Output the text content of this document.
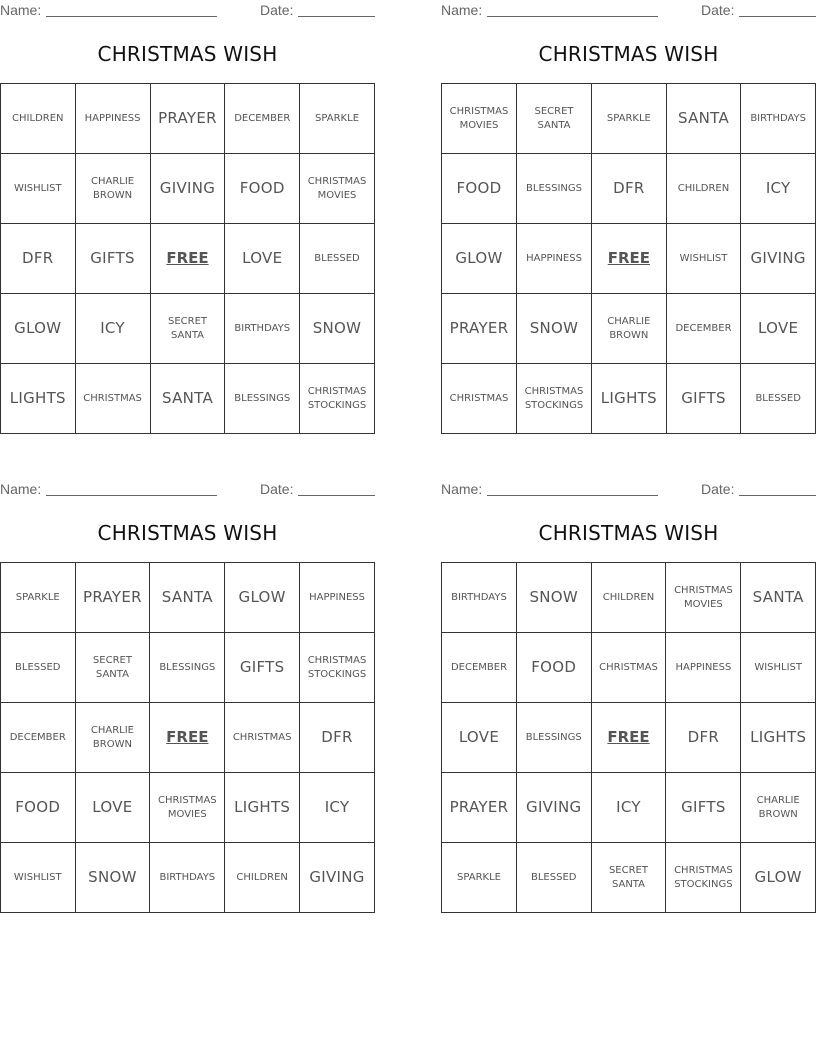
Name:	Date:
CHRISTMAS WISH
CHILDREN	HAPPINESS	PRAYER	DECEMBER	SPARKLE
WISHLIST	CHARLIE BROWN	GIVING	FOOD	CHRISTMAS MOVIES
DFR	GIFTS	FREE	LOVE	BLESSED
GLOW	ICY	SECRET SANTA	BIRTHDAYS	SNOW
LIGHTS	CHRISTMAS	SANTA	BLESSINGS	CHRISTMAS STOCKINGS
Name:	Date:
CHRISTMAS WISH
CHRISTMAS MOVIES	SECRET SANTA	SPARKLE	SANTA	BIRTHDAYS
FOOD	BLESSINGS	DFR	CHILDREN	ICY
GLOW	HAPPINESS	FREE	WISHLIST	GIVING
PRAYER	SNOW	CHARLIE BROWN	DECEMBER	LOVE
CHRISTMAS	CHRISTMAS STOCKINGS	LIGHTS	GIFTS	BLESSED
Name:	Date:
CHRISTMAS WISH
SPARKLE	PRAYER	SANTA	GLOW	HAPPINESS
BLESSED	SECRET SANTA	BLESSINGS	GIFTS	CHRISTMAS STOCKINGS
DECEMBER	CHARLIE BROWN	FREE	CHRISTMAS	DFR
FOOD	LOVE	CHRISTMAS MOVIES	LIGHTS	ICY
WISHLIST	SNOW	BIRTHDAYS	CHILDREN	GIVING
Name:	Date:
CHRISTMAS WISH
BIRTHDAYS	SNOW	CHILDREN	CHRISTMAS MOVIES	SANTA
DECEMBER	FOOD	CHRISTMAS	HAPPINESS	WISHLIST
LOVE	BLESSINGS	FREE	DFR	LIGHTS
PRAYER	GIVING	ICY	GIFTS	CHARLIE BROWN
SPARKLE	BLESSED	SECRET SANTA	CHRISTMAS STOCKINGS	GLOW
